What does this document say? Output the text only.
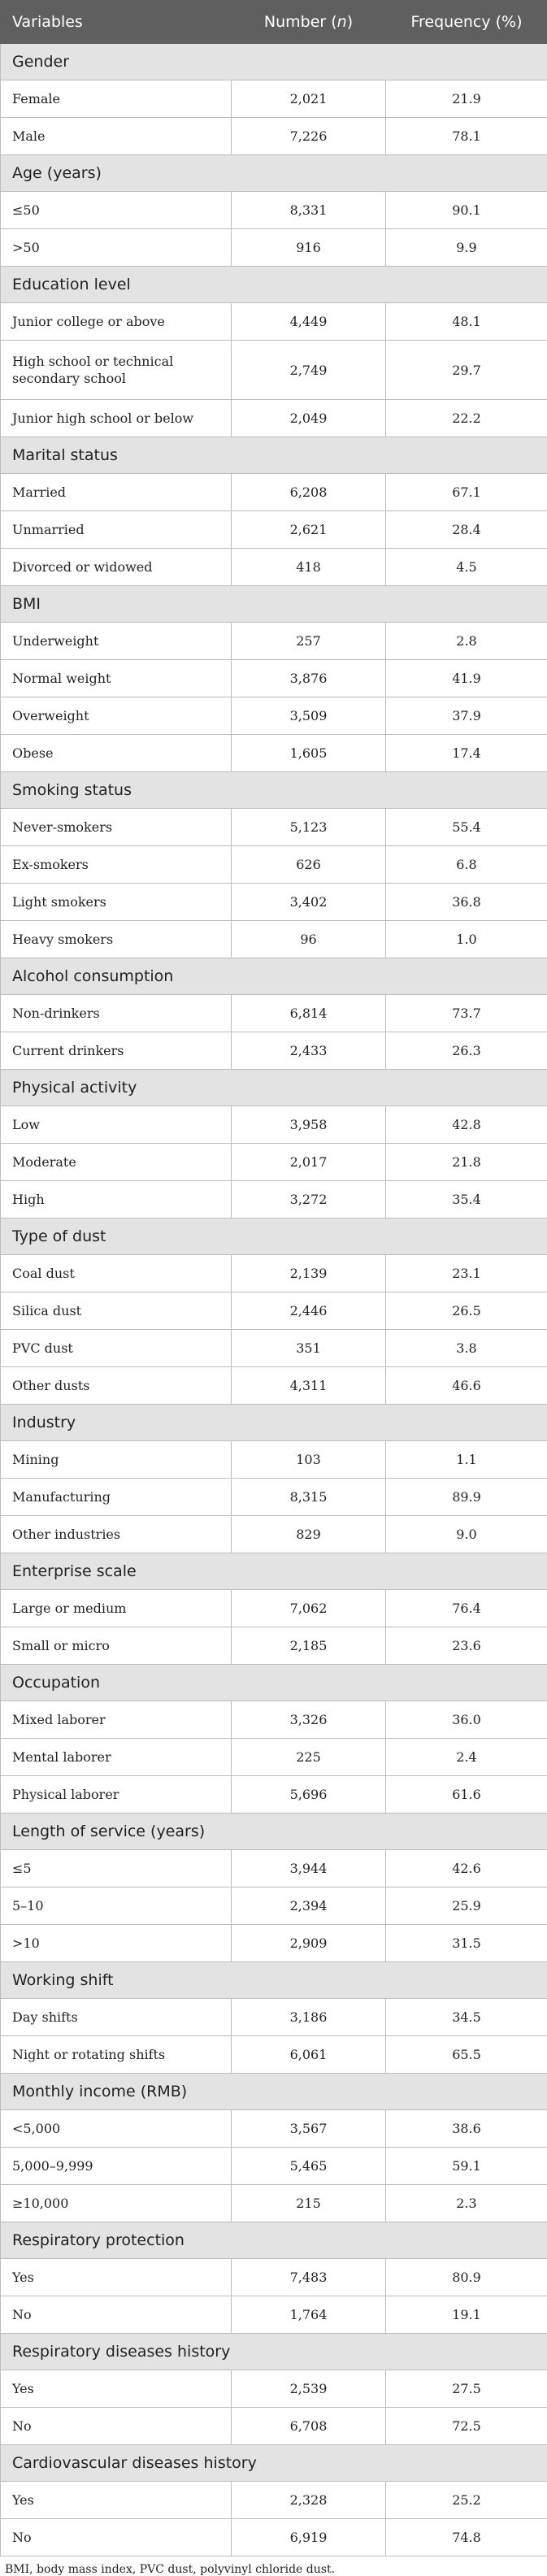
Variables	Number (n)	Frequency (%)
Gender		
Female	2,021	21.9
Male	7,226	78.1
Age (years)		
≤50	8,331	90.1
>50	916	9.9
Education level		
Junior college or above	4,449	48.1
High school or technical secondary school	2,749	29.7
Junior high school or below	2,049	22.2
Marital status		
Married	6,208	67.1
Unmarried	2,621	28.4
Divorced or widowed	418	4.5
BMI		
Underweight	257	2.8
Normal weight	3,876	41.9
Overweight	3,509	37.9
Obese	1,605	17.4
Smoking status		
Never-smokers	5,123	55.4
Ex-smokers	626	6.8
Light smokers	3,402	36.8
Heavy smokers	96	1.0
Alcohol consumption		
Non-drinkers	6,814	73.7
Current drinkers	2,433	26.3
Physical activity		
Low	3,958	42.8
Moderate	2,017	21.8
High	3,272	35.4
Type of dust		
Coal dust	2,139	23.1
Silica dust	2,446	26.5
PVC dust	351	3.8
Other dusts	4,311	46.6
Industry		
Mining	103	1.1
Manufacturing	8,315	89.9
Other industries	829	9.0
Enterprise scale		
Large or medium	7,062	76.4
Small or micro	2,185	23.6
Occupation		
Mixed laborer	3,326	36.0
Mental laborer	225	2.4
Physical laborer	5,696	61.6
Length of service (years)		
≤5	3,944	42.6
5–10	2,394	25.9
>10	2,909	31.5
Working shift		
Day shifts	3,186	34.5
Night or rotating shifts	6,061	65.5
Monthly income (RMB)		
<5,000	3,567	38.6
5,000–9,999	5,465	59.1
≥10,000	215	2.3
Respiratory protection		
Yes	7,483	80.9
No	1,764	19.1
Respiratory diseases history		
Yes	2,539	27.5
No	6,708	72.5
Cardiovascular diseases history		
Yes	2,328	25.2
No	6,919	74.8
BMI, body mass index, PVC dust, polyvinyl chloride dust.
